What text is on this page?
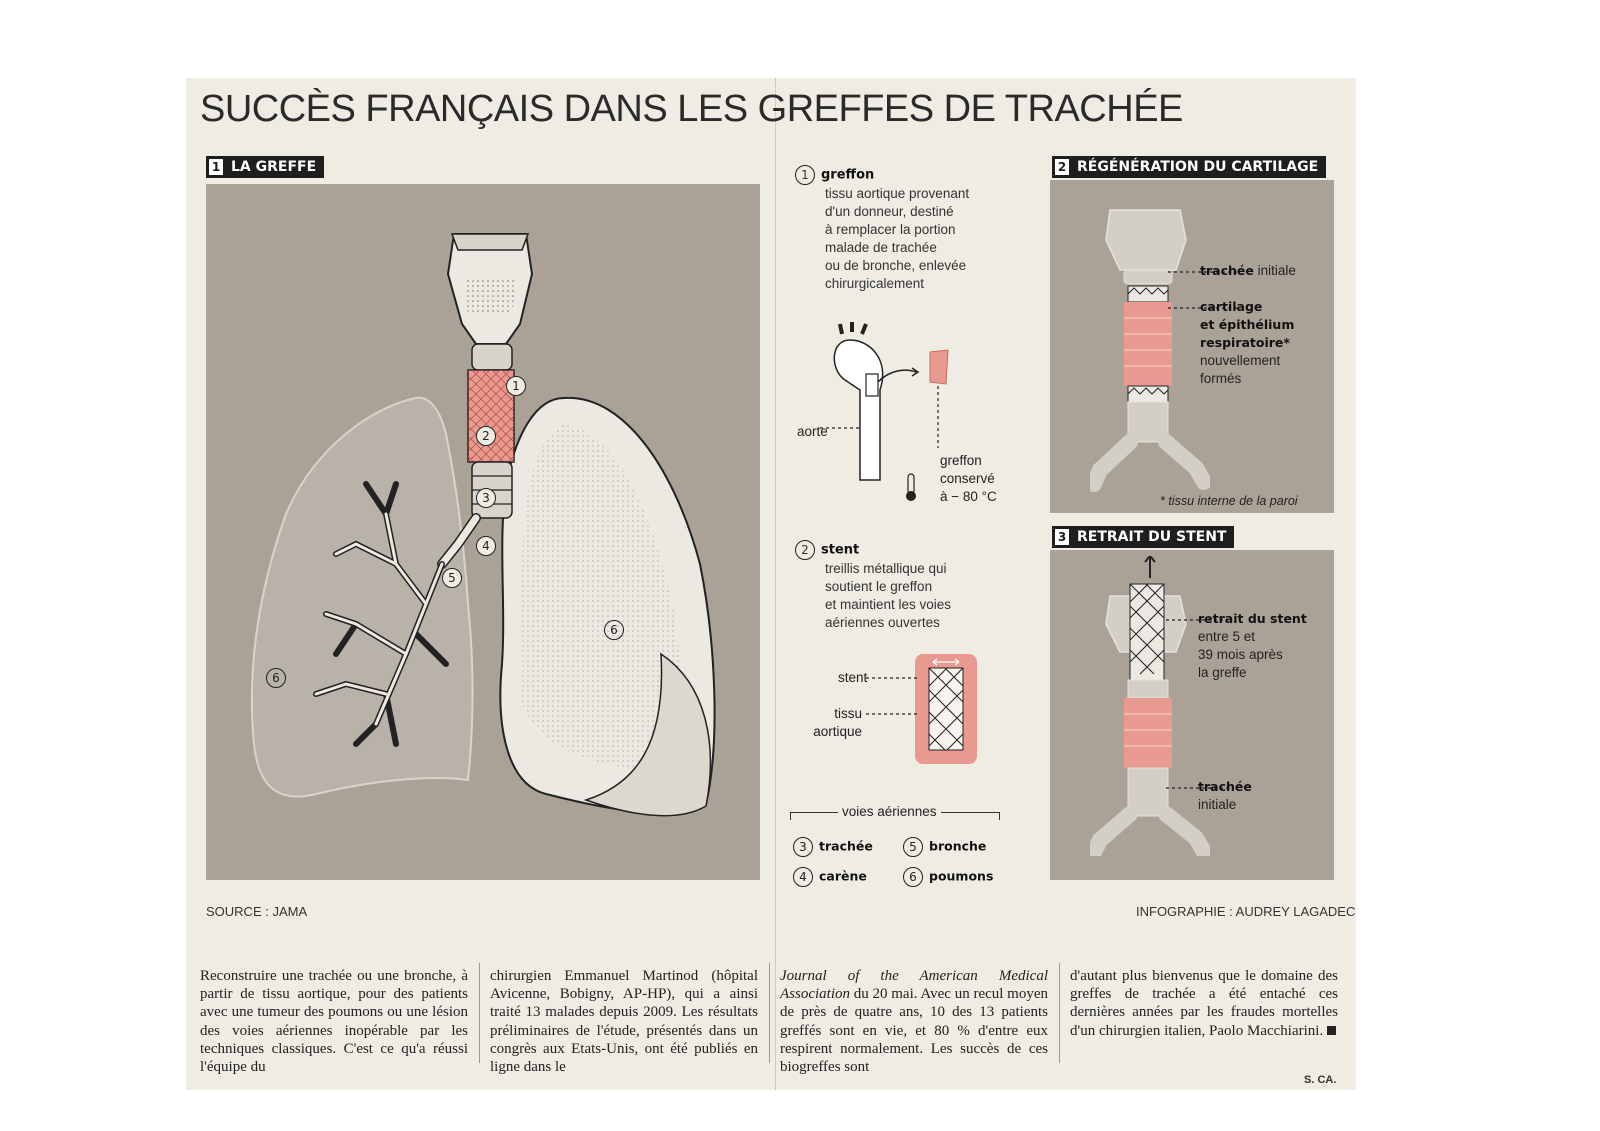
SUCCÈS FRANÇAIS DANS LES GREFFES DE TRACHÉE
1
2
3
4
5
6
6
1 LA GREFFE	1 greffon
tissu aortique provenant
d'un donneur, destiné
à remplacer la portion
malade de trachée
ou de bronche, enlevée
chirurgicalement
aorte
greffon
conservé
à − 80 °C
2 stent
treillis métallique qui
soutient le greffon
et maintient les voies
aériennes ouvertes
stent
tissu
aortique
voies aériennes
3 trachée	5 bronche
4 carène	6 poumons
trachée initiale
cartilage
et épithélium
respiratoire*
nouvellement
formés
* tissu interne de la paroi
2 RÉGÉNÉRATION DU CARTILAGE
retrait du stent
entre 5 et
39 mois après
la greffe
trachée
initiale
3 RETRAIT DU STENT
SOURCE : JAMA	INFOGRAPHIE : AUDREY LAGADEC
Reconstruire une trachée ou une bronche, à partir de tissu aortique, pour des patients avec une tumeur des poumons ou une lésion des voies aériennes inopérable par les techniques classiques. C'est ce qu'a réussi l'équipe du
chirurgien Emmanuel Martinod (hôpital Avicenne, Bobigny, AP-HP), qui a ainsi traité 13 malades depuis 2009. Les résultats préliminaires de l'étude, présentés dans un congrès aux Etats-Unis, ont été publiés en ligne dans le
Journal of the American Medical Association du 20 mai. Avec un recul moyen de près de quatre ans, 10 des 13 patients greffés sont en vie, et 80 % d'entre eux respirent normalement. Les succès de ces biogreffes sont
d'autant plus bienvenus que le domaine des greffes de trachée a été entaché ces dernières années par les fraudes mortelles d'un chirurgien italien, Paolo Macchiarini.
S. CA.
